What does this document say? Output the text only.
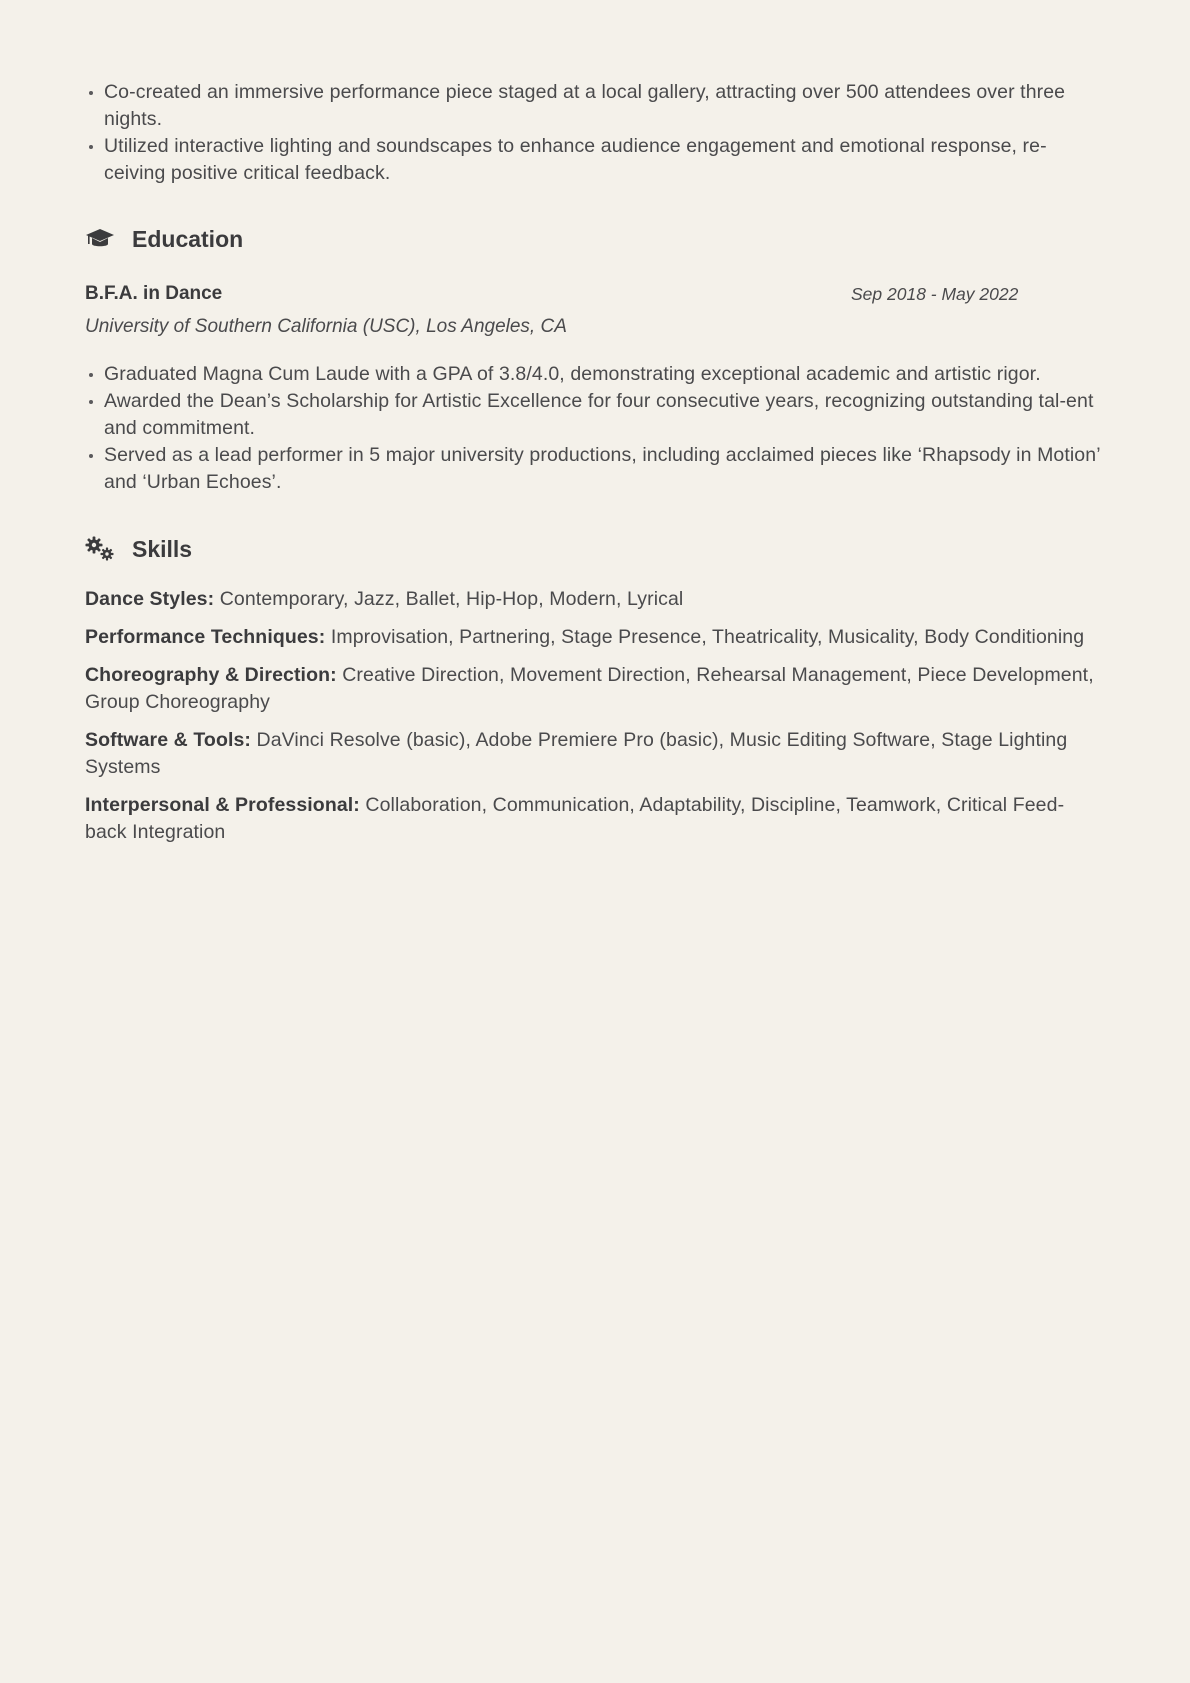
Co-created an immersive performance piece staged at a local gallery, attracting over 500 attendees over three nights.
Utilized interactive lighting and soundscapes to enhance audience engagement and emotional response, re-ceiving positive critical feedback.
Education
B.F.A. in Dance	Sep 2018 - May 2022
University of Southern California (USC), Los Angeles, CA
Graduated Magna Cum Laude with a GPA of 3.8/4.0, demonstrating exceptional academic and artistic rigor.
Awarded the Dean’s Scholarship for Artistic Excellence for four consecutive years, recognizing outstanding tal-ent and commitment.
Served as a lead performer in 5 major university productions, including acclaimed pieces like ‘Rhapsody in Motion’ and ‘Urban Echoes’.
Skills
Dance Styles: Contemporary, Jazz, Ballet, Hip-Hop, Modern, Lyrical
Performance Techniques: Improvisation, Partnering, Stage Presence, Theatricality, Musicality, Body Conditioning
Choreography & Direction: Creative Direction, Movement Direction, Rehearsal Management, Piece Development, Group Choreography
Software & Tools: DaVinci Resolve (basic), Adobe Premiere Pro (basic), Music Editing Software, Stage Lighting Systems
Interpersonal & Professional: Collaboration, Communication, Adaptability, Discipline, Teamwork, Critical Feed-back Integration
